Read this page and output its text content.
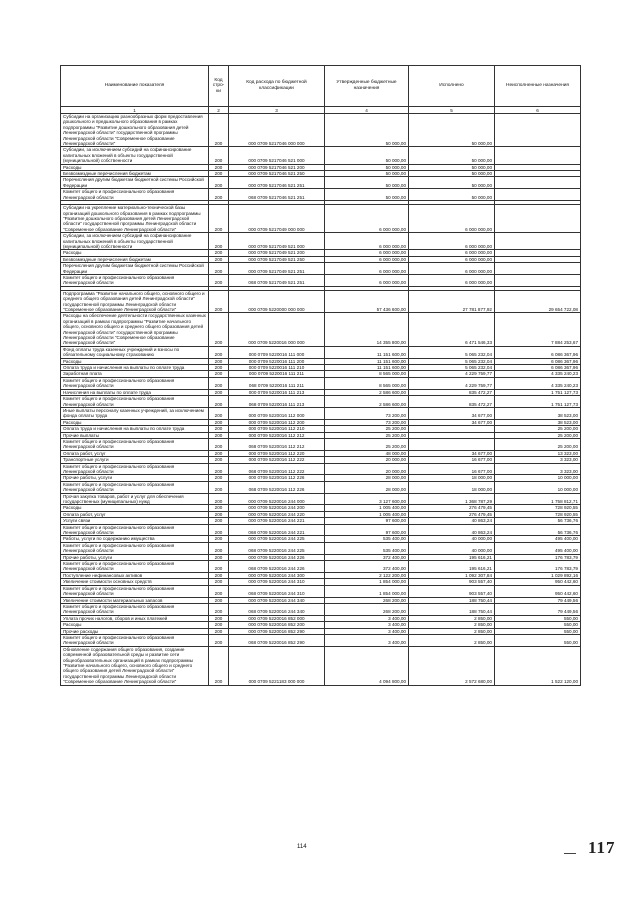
Наименование показателя	Код стро-ки	Код расхода по бюджетной классификации	Утвержденные бюджетные назначения	Исполнено	Неисполненные назначения
1	2	3	4	5	6
Субсидии на организацию разнообразных форм предоставления дошкольного и предшкольного образования в рамках подпрограммы "Развитие дошкольного образования детей Ленинградской области" государственной программы Ленинградской области "Современное образование Ленинградской области"	200	000 0709 5217046 000 000	50 000,00	50 000,00	
Субсидии, за исключением субсидий на софинансирование капитальных вложений в объекты государственной (муниципальной) собственности	200	000 0709 5217046 521 000	50 000,00	50 000,00	
Расходы	200	000 0709 5217046 521 200	50 000,00	50 000,00	
Безвозмездные перечисления бюджетам	200	000 0709 5217046 521 250	50 000,00	50 000,00	
Перечисления другим бюджетам бюджетной системы Российской Федерации	200	000 0709 5217046 521 251	50 000,00	50 000,00	
Комитет общего и профессионального образования Ленинградской области	200	068 0709 5217046 521 251	50 000,00	50 000,00	

Субсидии на укрепление материально-технической базы организаций дошкольного образования в рамках подпрограммы "Развитие дошкольного образования детей Ленинградской области" государственной программы Ленинградской области "Современное образование Ленинградской области"	200	000 0709 5217049 000 000	6 000 000,00	6 000 000,00	
Субсидии, за исключением субсидий на софинансирование капитальных вложений в объекты государственной (муниципальной) собственности	200	000 0709 5217049 521 000	6 000 000,00	6 000 000,00	
Расходы	200	000 0709 5217049 521 200	6 000 000,00	6 000 000,00	
Безвозмездные перечисления бюджетам	200	000 0709 5217049 521 250	6 000 000,00	6 000 000,00	
Перечисления другим бюджетам бюджетной системы Российской Федерации	200	000 0709 5217049 521 251	6 000 000,00	6 000 000,00	
Комитет общего и профессионального образования Ленинградской области	200	068 0709 5217049 521 251	6 000 000,00	6 000 000,00	

Подпрограмма "Развитие начального общего, основного общего и среднего общего образования детей Ленинградской области" государственной программы Ленинградской области "Современное образование Ленинградской области"	200	000 0709 5220000 000 000	57 436 600,00	27 781 877,92	29 654 722,08
Расходы на обеспечение деятельности государственных казенных организаций в рамках подпрограммы "Развитие начального общего, основного общего и среднего общего образования детей Ленинградской области" государственной программы Ленинградской области "Современное образование Ленинградской области"	200	000 0709 5220016 000 000	14 355 800,00	6 471 546,33	7 884 253,67
Фонд оплаты труда казенных учреждений и взносы по обязательному социальному страхованию	200	000 0709 5220016 111 000	11 151 600,00	5 065 232,04	6 086 367,96
Расходы	200	000 0709 5220016 111 200	11 151 600,00	5 065 232,04	6 086 367,96
Оплата труда и начисления на выплаты по оплате труда	200	000 0709 5220016 111 210	11 151 600,00	5 065 232,04	6 086 367,96
Заработная плата	200	000 0709 5220016 111 211	8 565 000,00	4 229 759,77	4 335 240,23
Комитет общего и профессионального образования Ленинградской области	200	068 0709 5220016 111 211	8 565 000,00	4 229 759,77	4 335 240,23
Начисления на выплаты по оплате труда	200	000 0709 5220016 111 213	2 586 600,00	835 472,27	1 751 127,73
Комитет общего и профессионального образования Ленинградской области	200	068 0709 5220016 111 213	2 586 600,00	835 472,27	1 751 127,73
Иные выплаты персоналу казенных учреждений, за исключением фонда оплаты труда	200	000 0709 5220016 112 000	73 200,00	34 677,00	38 523,00
Расходы	200	000 0709 5220016 112 200	73 200,00	34 677,00	38 523,00
Оплата труда и начисления на выплаты по оплате труда	200	000 0709 5220016 112 210	25 200,00		25 200,00
Прочие выплаты	200	000 0709 5220016 112 212	25 200,00		25 200,00
Комитет общего и профессионального образования Ленинградской области	200	068 0709 5220016 112 212	25 200,00		25 200,00
Оплата работ, услуг	200	000 0709 5220016 112 220	48 000,00	34 677,00	13 323,00
Транспортные услуги	200	000 0709 5220016 112 222	20 000,00	16 677,00	3 323,00
Комитет общего и профессионального образования Ленинградской области	200	068 0709 5220016 112 222	20 000,00	16 677,00	3 323,00
Прочие работы, услуги	200	000 0709 5220016 112 226	28 000,00	18 000,00	10 000,00
Комитет общего и профессионального образования Ленинградской области	200	068 0709 5220016 112 226	28 000,00	18 000,00	10 000,00
Прочая закупка товаров, работ и услуг для обеспечения государственных (муниципальных) нужд	200	000 0709 5220016 244 000	3 127 600,00	1 368 787,29	1 758 812,71
Расходы	200	000 0709 5220016 244 200	1 005 400,00	276 479,45	728 920,55
Оплата работ, услуг	200	000 0709 5220016 244 220	1 005 400,00	276 479,45	728 920,55
Услуги связи	200	000 0709 5220016 244 221	97 600,00	40 863,24	56 736,76
Комитет общего и профессионального образования Ленинградской области	200	068 0709 5220016 244 221	97 600,00	40 863,24	56 736,76
Работы, услуги по содержанию имущества	200	000 0709 5220016 244 225	535 400,00	40 000,00	495 400,00
Комитет общего и профессионального образования Ленинградской области	200	068 0709 5220016 244 225	535 400,00	40 000,00	495 400,00
Прочие работы, услуги	200	000 0709 5220016 244 226	372 400,00	195 616,21	176 783,79
Комитет общего и профессионального образования Ленинградской области	200	068 0709 5220016 244 226	372 400,00	195 616,21	176 783,79
Поступление нефинансовых активов	200	000 0709 5220016 244 300	2 122 200,00	1 092 307,84	1 029 892,16
Увеличение стоимости основных средств	200	000 0709 5220016 244 310	1 854 000,00	903 557,40	950 442,60
Комитет общего и профессионального образования Ленинградской области	200	068 0709 5220016 244 310	1 854 000,00	903 557,40	950 442,60
Увеличение стоимости материальных запасов	200	000 0709 5220016 244 340	268 200,00	188 750,44	79 449,56
Комитет общего и профессионального образования Ленинградской области	200	068 0709 5220016 244 340	268 200,00	188 750,44	79 449,56
Уплата прочих налогов, сборов и иных платежей	200	000 0709 5220016 852 000	3 400,00	2 850,00	550,00
Расходы	200	000 0709 5220016 852 200	3 400,00	2 850,00	550,00
Прочие расходы	200	000 0709 5220016 852 290	3 400,00	2 850,00	550,00
Комитет общего и профессионального образования Ленинградской области	200	068 0709 5220016 852 290	3 400,00	2 850,00	550,00
Обновление содержания общего образования, создание современной образовательной среды и развитие сети общеобразовательных организаций в рамках подпрограммы "Развитие начального общего, основного общего и среднего общего образования детей Ленинградской области" государственной программы Ленинградской области "Современное образование Ленинградской области"	200	000 0709 5221183 000 000	4 094 800,00	2 572 680,00	1 522 120,00
114	117
